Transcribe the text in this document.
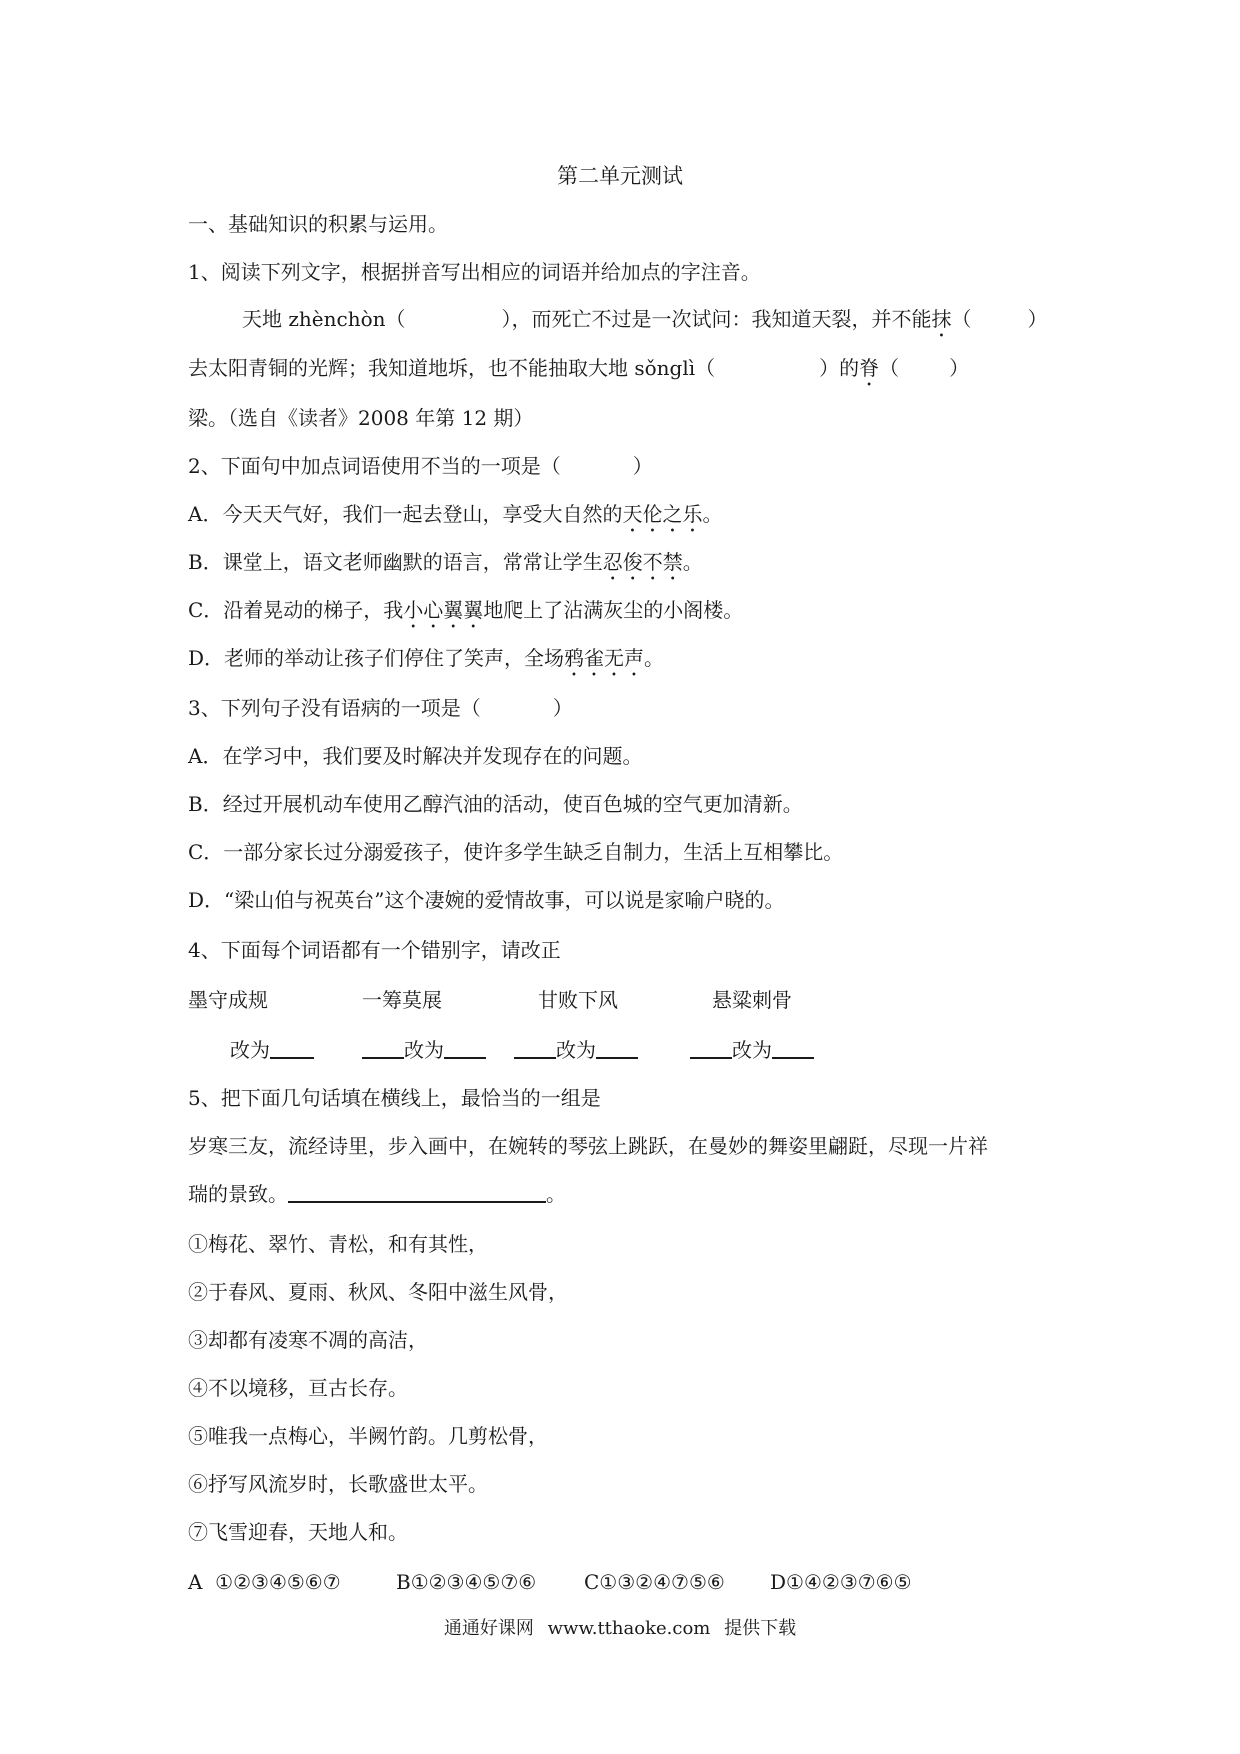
第二单元测试
一、基础知识的积累与运用。
1、阅读下列文字，根据拼音写出相应的词语并给加点的字注音。
天地 zhènchòn（	），而死亡不过是一次试问：我知道天裂，并不能抹（	）
去太阳青铜的光辉；我知道地坼，也不能抽取大地 sǒnglì（	）的脊（	）
梁。（选自《读者》2008 年第 12 期）
2、下面句中加点词语使用不当的一项是（	）
A．今天天气好，我们一起去登山，享受大自然的天伦之乐。
B．课堂上，语文老师幽默的语言，常常让学生忍俊不禁。
C．沿着晃动的梯子，我小心翼翼地爬上了沾满灰尘的小阁楼。
D．老师的举动让孩子们停住了笑声，全场鸦雀无声。
3、下列句子没有语病的一项是（	）
A．在学习中，我们要及时解决并发现存在的问题。
B．经过开展机动车使用乙醇汽油的活动，使百色城的空气更加清新。
C．一部分家长过分溺爱孩子，使许多学生缺乏自制力，生活上互相攀比。
D．“梁山伯与祝英台”这个凄婉的爱情故事，可以说是家喻户晓的。
4、下面每个词语都有一个错别字，请改正
墨守成规	一筹莫展	甘败下风	悬粱刺骨
改为	改为	改为	改为
5、把下面几句话填在横线上，最恰当的一组是
岁寒三友，流经诗里，步入画中，在婉转的琴弦上跳跃，在曼妙的舞姿里翩跹，尽现一片祥
瑞的景致。	。
①梅花、翠竹、青松，和有其性，
②于春风、夏雨、秋风、冬阳中滋生风骨，
③却都有凌寒不凋的高洁，
④不以境移，亘古长存。
⑤唯我一点梅心，半阙竹韵。几剪松骨，
⑥抒写风流岁时，长歌盛世太平。
⑦飞雪迎春，天地人和。
A  ①②③④⑤⑥⑦	B①②③④⑤⑦⑥ C①③②④⑦⑤⑥ D①④②③⑦⑥⑤
通通好课网 www.tthaoke.com 提供下载
